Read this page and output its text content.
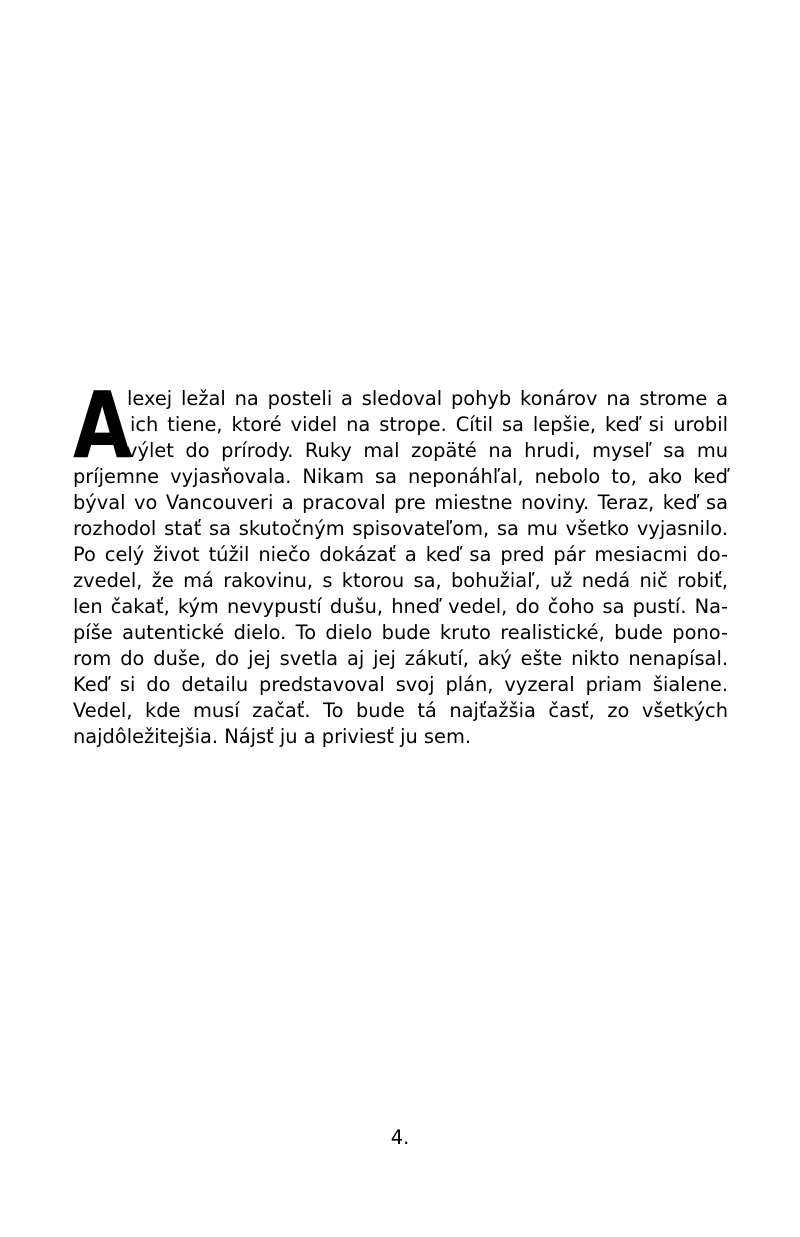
A
lexej ležal na posteli a sledoval pohyb konárov na strome a
ich tiene, ktoré videl na strope. Cítil sa lepšie, keď si urobil
výlet do prírody. Ruky mal zopäté na hrudi, myseľ sa mu
príjemne vyjasňovala. Nikam sa neponáhľal, nebolo to, ako keď
býval vo Vancouveri a pracoval pre miestne noviny. Teraz, keď sa
rozhodol stať sa skutočným spisovateľom, sa mu všetko vyjasnilo.
Po celý život túžil niečo dokázať a keď sa pred pár mesiacmi do-
zvedel, že má rakovinu, s ktorou sa, bohužiaľ, už nedá nič robiť,
len čakať, kým nevypustí dušu, hneď vedel, do čoho sa pustí. Na-
píše autentické dielo. To dielo bude kruto realistické, bude pono-
rom do duše, do jej svetla aj jej zákutí, aký ešte nikto nenapísal.
Keď si do detailu predstavoval svoj plán, vyzeral priam šialene.
Vedel, kde musí začať. To bude tá najťažšia časť, zo všetkých
najdôležitejšia. Nájsť ju a priviesť ju sem.
4.
